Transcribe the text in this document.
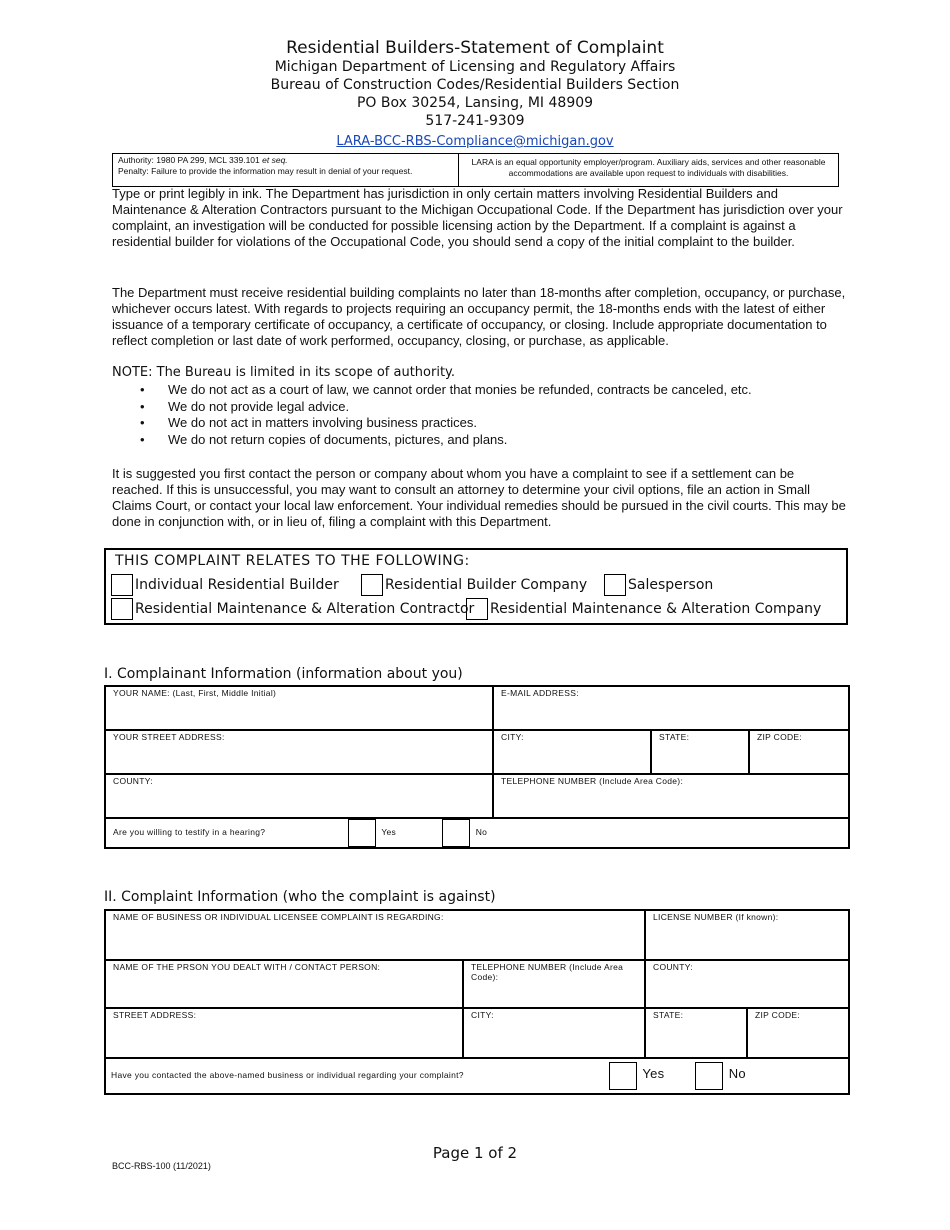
Residential Builders-Statement of Complaint
Michigan Department of Licensing and Regulatory Affairs
Bureau of Construction Codes/Residential Builders Section
PO Box 30254, Lansing, MI 48909
517-241-9309
LARA-BCC-RBS-Compliance@michigan.gov
Authority: 1980 PA 299, MCL 339.101 et seq.
Penalty: Failure to provide the information may result in denial of your request.
LARA is an equal opportunity employer/program. Auxiliary aids, services and other reasonable accommodations are available upon request to individuals with disabilities.
Type or print legibly in ink. The Department has jurisdiction in only certain matters involving Residential Builders and Maintenance & Alteration Contractors pursuant to the Michigan Occupational Code. If the Department has jurisdiction over your complaint, an investigation will be conducted for possible licensing action by the Department. If a complaint is against a residential builder for violations of the Occupational Code, you should send a copy of the initial complaint to the builder.
The Department must receive residential building complaints no later than 18-months after completion, occupancy, or purchase, whichever occurs latest. With regards to projects requiring an occupancy permit, the 18-months ends with the latest of either issuance of a temporary certificate of occupancy, a certificate of occupancy, or closing. Include appropriate documentation to reflect completion or last date of work performed, occupancy, closing, or purchase, as applicable.
NOTE: The Bureau is limited in its scope of authority.
• We do not act as a court of law, we cannot order that monies be refunded, contracts be canceled, etc.
• We do not provide legal advice.
• We do not act in matters involving business practices.
• We do not return copies of documents, pictures, and plans.
It is suggested you first contact the person or company about whom you have a complaint to see if a settlement can be reached. If this is unsuccessful, you may want to consult an attorney to determine your civil options, file an action in Small Claims Court, or contact your local law enforcement. Your individual remedies should be pursued in the civil courts. This may be done in conjunction with, or in lieu of, filing a complaint with this Department.
THIS COMPLAINT RELATES TO THE FOLLOWING:
Individual Residential Builder	Residential Builder Company	Salesperson
Residential Maintenance & Alteration Contractor	Residential Maintenance & Alteration Company
I. Complainant Information (information about you)
YOUR NAME: (Last, First, Middle Initial)	E-MAIL ADDRESS:		
YOUR STREET ADDRESS:	CITY:	STATE:	ZIP CODE:
COUNTY:	TELEPHONE NUMBER (Include Area Code):		
Are you willing to testify in a hearing? Yes No			
II. Complaint Information (who the complaint is against)
NAME OF BUSINESS OR INDIVIDUAL LICENSEE COMPLAINT IS REGARDING:		LICENSE NUMBER (If known):	
NAME OF THE PRSON YOU DEALT WITH / CONTACT PERSON:	TELEPHONE NUMBER (Include Area Code):	COUNTY:	
STREET ADDRESS:	CITY:	STATE:	ZIP CODE:
Have you contacted the above-named business or individual regarding your complaint? Yes No			
Page 1 of 2
BCC-RBS-100 (11/2021)
